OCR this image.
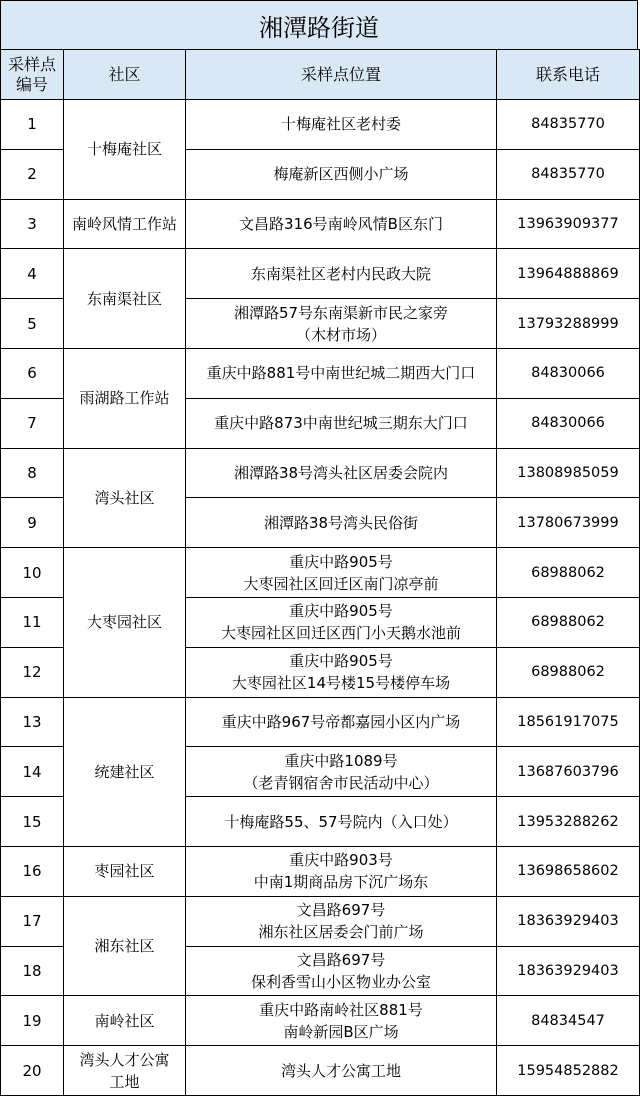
湘潭路街道
采样点
编号	社区	采样点位置	联系电话
1	十梅庵社区	十梅庵社区老村委	84835770
2		梅庵新区西侧小广场	84835770
3	南岭风情工作站	文昌路316号南岭风情B区东门	13963909377
4	东南渠社区	东南渠社区老村内民政大院	13964888869
5		湘潭路57号东南渠新市民之家旁
（木材市场）	13793288999
6	雨湖路工作站	重庆中路881号中南世纪城二期西大门口	84830066
7		重庆中路873中南世纪城三期东大门口	84830066
8	湾头社区	湘潭路38号湾头社区居委会院内	13808985059
9		湘潭路38号湾头民俗街	13780673999
10	大枣园社区	重庆中路905号
大枣园社区回迁区南门凉亭前	68988062
11		重庆中路905号
大枣园社区回迁区西门小天鹅水池前	68988062
12		重庆中路905号
大枣园社区14号楼15号楼停车场	68988062
13	统建社区	重庆中路967号帝都嘉园小区内广场	18561917075
14		重庆中路1089号
（老青钢宿舍市民活动中心）	13687603796
15		十梅庵路55、57号院内（入口处）	13953288262
16	枣园社区	重庆中路903号
中南1期商品房下沉广场东	13698658602
17	湘东社区	文昌路697号
湘东社区居委会门前广场	18363929403
18		文昌路697号
保利香雪山小区物业办公室	18363929403
19	南岭社区	重庆中路南岭社区881号
南岭新园B区广场	84834547
20	湾头人才公寓
工地	湾头人才公寓工地	15954852882
